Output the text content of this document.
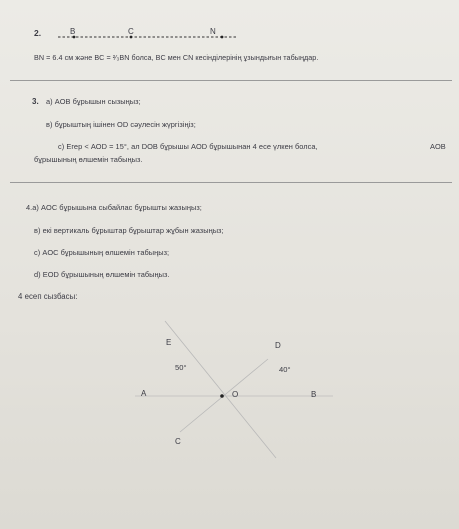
2.	B	C	N
BN = 6.4 см және BC = ²⁄₃BN болса, BC мен CN кесінділерінің ұзындығын табыңдар.
3. а) AOB бұрышын сызыңыз;
в) бұрыштың ішінен OD сәулесін жүргізіңіз;
с) Егер < AOD = 15°, ал DOB бұрышы AOD бұрышынан 4 есе үлкен болса,	AOB
бұрышының өлшемін табыңыз.
4.а) AOC бұрышына сыбайлас бұрышты жазыңыз;
в) екі вертикаль бұрыштар бұрыштар жұбын жазыңыз;
с) AOC бұрышының өлшемін табыңыз;
d) EOD бұрышының өлшемін табыңыз.
4 есеп сызбасы:
E	D
A	O	B
C
50°	40°
